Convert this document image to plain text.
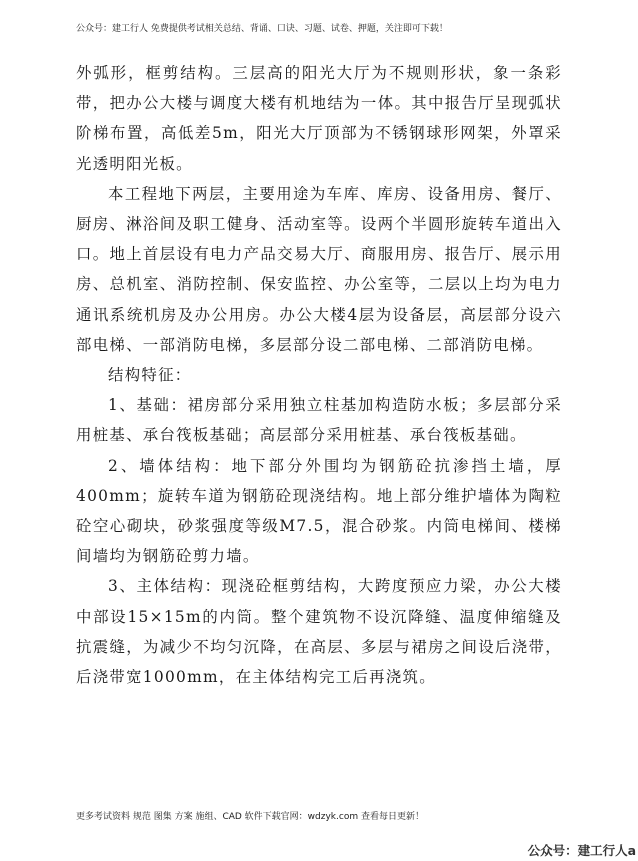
公众号：建工行人 免费提供考试相关总结、背诵、口诀、习题、试卷、押题，关注即可下载！

外弧形，框剪结构。三层高的阳光大厅为不规则形状，象一条彩带，把办公大楼与调度大楼有机地结为一体。其中报告厅呈现弧状阶梯布置，高低差5m，阳光大厅顶部为不锈钢球形网架，外罩采光透明阳光板。

本工程地下两层，主要用途为车库、库房、设备用房、餐厅、厨房、淋浴间及职工健身、活动室等。设两个半圆形旋转车道出入口。地上首层设有电力产品交易大厅、商服用房、报告厅、展示用房、总机室、消防控制、保安监控、办公室等，二层以上均为电力通讯系统机房及办公用房。办公大楼4层为设备层，高层部分设六部电梯、一部消防电梯，多层部分设二部电梯、二部消防电梯。

结构特征：

1、基础：裙房部分采用独立柱基加构造防水板；多层部分采用桩基、承台筏板基础；高层部分采用桩基、承台筏板基础。

2、墙体结构：地下部分外围均为钢筋砼抗渗挡土墙，厚400mm；旋转车道为钢筋砼现浇结构。地上部分维护墙体为陶粒砼空心砌块，砂浆强度等级M7.5，混合砂浆。内筒电梯间、楼梯间墙均为钢筋砼剪力墙。

3、主体结构：现浇砼框剪结构，大跨度预应力梁，办公大楼中部设15×15m的内筒。整个建筑物不设沉降缝、温度伸缩缝及抗震缝，为减少不均匀沉降，在高层、多层与裙房之间设后浇带，后浇带宽1000mm，在主体结构完工后再浇筑。

更多考试资料 规范 图集 方案 施组、CAD 软件下载官网：wdzyk.com 查看每日更新！
公众号：建工行人a
